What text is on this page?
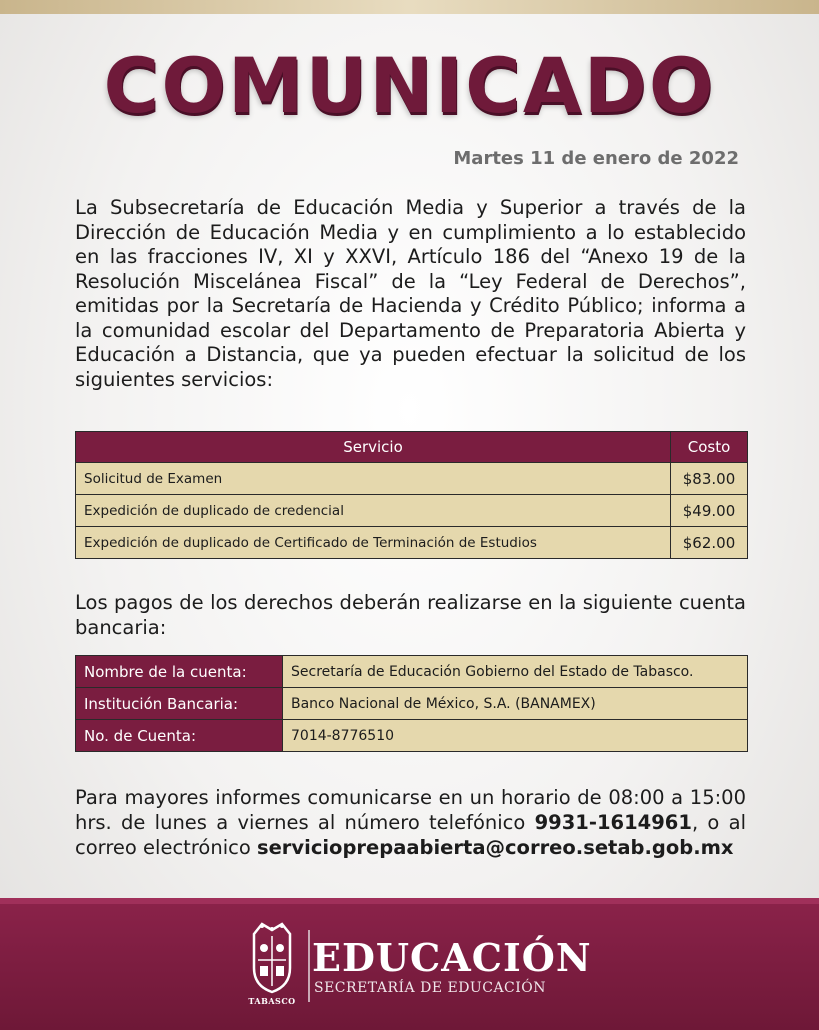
COMUNICADO
Martes 11 de enero de 2022

La Subsecretaría de Educación Media y Superior a través de la Dirección de Educación Media y en cumplimiento a lo establecido en las fracciones IV, XI y XXVI, Artículo 186 del “Anexo 19 de la Resolución Miscelánea Fiscal” de la “Ley Federal de Derechos”, emitidas por la Secretaría de Hacienda y Crédito Público; informa a la comunidad escolar del Departamento de Preparatoria Abierta y Educación a Distancia, que ya pueden efectuar la solicitud de los siguientes servicios:

Servicio	Costo
Solicitud de Examen	$83.00
Expedición de duplicado de credencial	$49.00
Expedición de duplicado de Certificado de Terminación de Estudios	$62.00

Los pagos de los derechos deberán realizarse en la siguiente cuenta bancaria:

Nombre de la cuenta:	Secretaría de Educación Gobierno del Estado de Tabasco.
Institución Bancaria:	Banco Nacional de México, S.A. (BANAMEX)
No. de Cuenta:	7014-8776510

Para mayores informes comunicarse en un horario de 08:00 a 15:00 hrs. de lunes a viernes al número telefónico 9931-1614961, o al correo electrónico servicioprepaabierta@correo.setab.gob.mx

TABASCO
EDUCACIÓN
SECRETARÍA DE EDUCACIÓN
